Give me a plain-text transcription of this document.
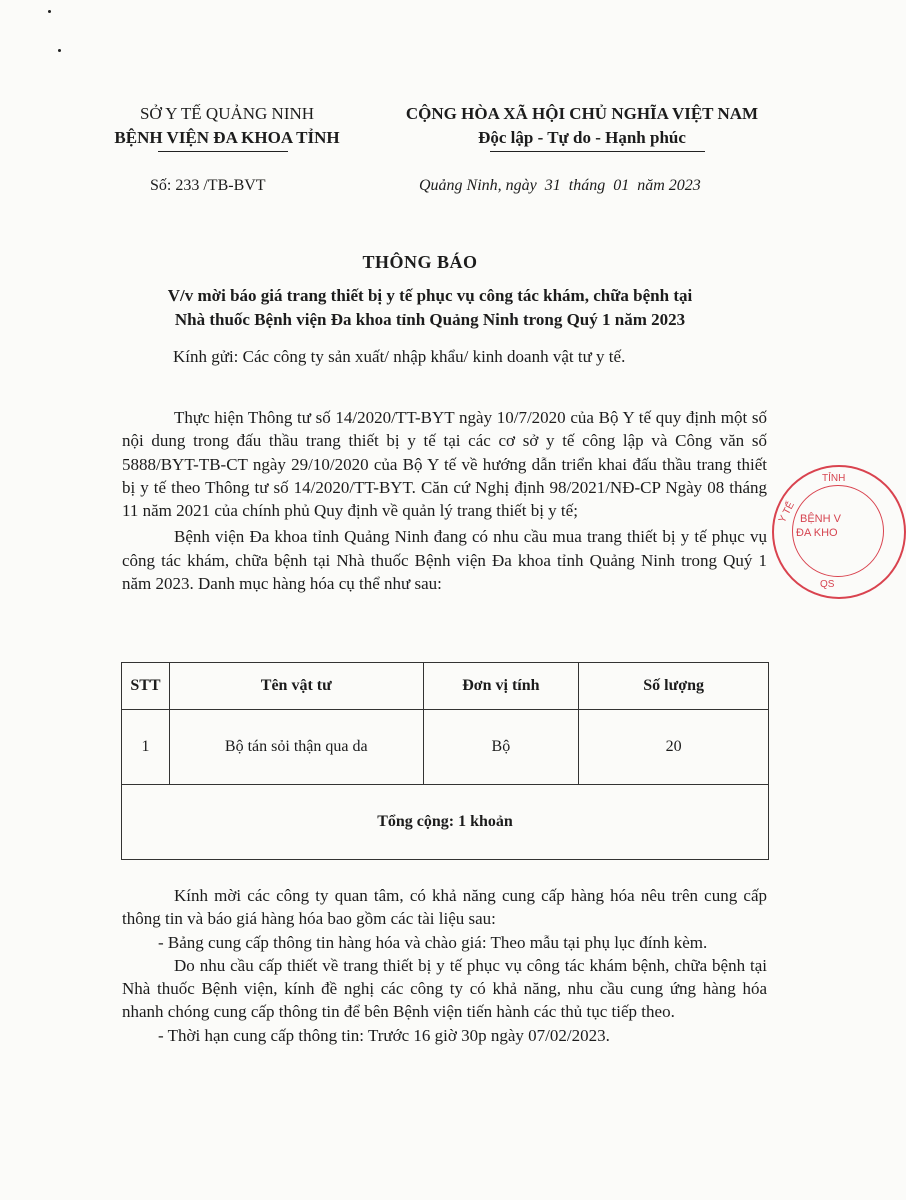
SỞ Y TẾ QUẢNG NINH
BỆNH VIỆN ĐA KHOA TỈNH
CỘNG HÒA XÃ HỘI CHỦ NGHĨA VIỆT NAM
Độc lập - Tự do - Hạnh phúc
Số: 233 /TB-BVT	Quảng Ninh, ngày  31  tháng  01  năm 2023
THÔNG BÁO
V/v mời báo giá trang thiết bị y tế phục vụ công tác khám, chữa bệnh tại
Nhà thuốc Bệnh viện Đa khoa tỉnh Quảng Ninh trong Quý 1 năm 2023
Kính gửi: Các công ty sản xuất/ nhập khẩu/ kinh doanh vật tư y tế.

Thực hiện Thông tư số 14/2020/TT-BYT ngày 10/7/2020 của Bộ Y tế quy định một số nội dung trong đấu thầu trang thiết bị y tế tại các cơ sở y tế công lập và Công văn số 5888/BYT-TB-CT ngày 29/10/2020 của Bộ Y tế về hướng dẫn triển khai đấu thầu trang thiết bị y tế theo Thông tư số 14/2020/TT-BYT. Căn cứ Nghị định 98/2021/NĐ-CP Ngày 08 tháng 11 năm 2021 của chính phủ Quy định về quản lý trang thiết bị y tế;

Bệnh viện Đa khoa tỉnh Quảng Ninh đang có nhu cầu mua trang thiết bị y tế phục vụ công tác khám, chữa bệnh tại Nhà thuốc Bệnh viện Đa khoa tỉnh Quảng Ninh trong Quý 1 năm 2023. Danh mục hàng hóa cụ thể như sau:

STT	Tên vật tư	Đơn vị tính	Số lượng
1	Bộ tán sỏi thận qua da	Bộ	20
Tổng cộng: 1 khoản			

Kính mời các công ty quan tâm, có khả năng cung cấp hàng hóa nêu trên cung cấp thông tin và báo giá hàng hóa bao gồm các tài liệu sau:

- Bảng cung cấp thông tin hàng hóa và chào giá: Theo mẫu tại phụ lục đính kèm.

Do nhu cầu cấp thiết về trang thiết bị y tế phục vụ công tác khám bệnh, chữa bệnh tại Nhà thuốc Bệnh viện, kính đề nghị các công ty có khả năng, nhu cầu cung ứng hàng hóa nhanh chóng cung cấp thông tin để bên Bệnh viện tiến hành các thủ tục tiếp theo.

- Thời hạn cung cấp thông tin: Trước 16 giờ 30p ngày 07/02/2023.

TỈNH
Y TẾ BỆNH V
ĐA KHO
QS
